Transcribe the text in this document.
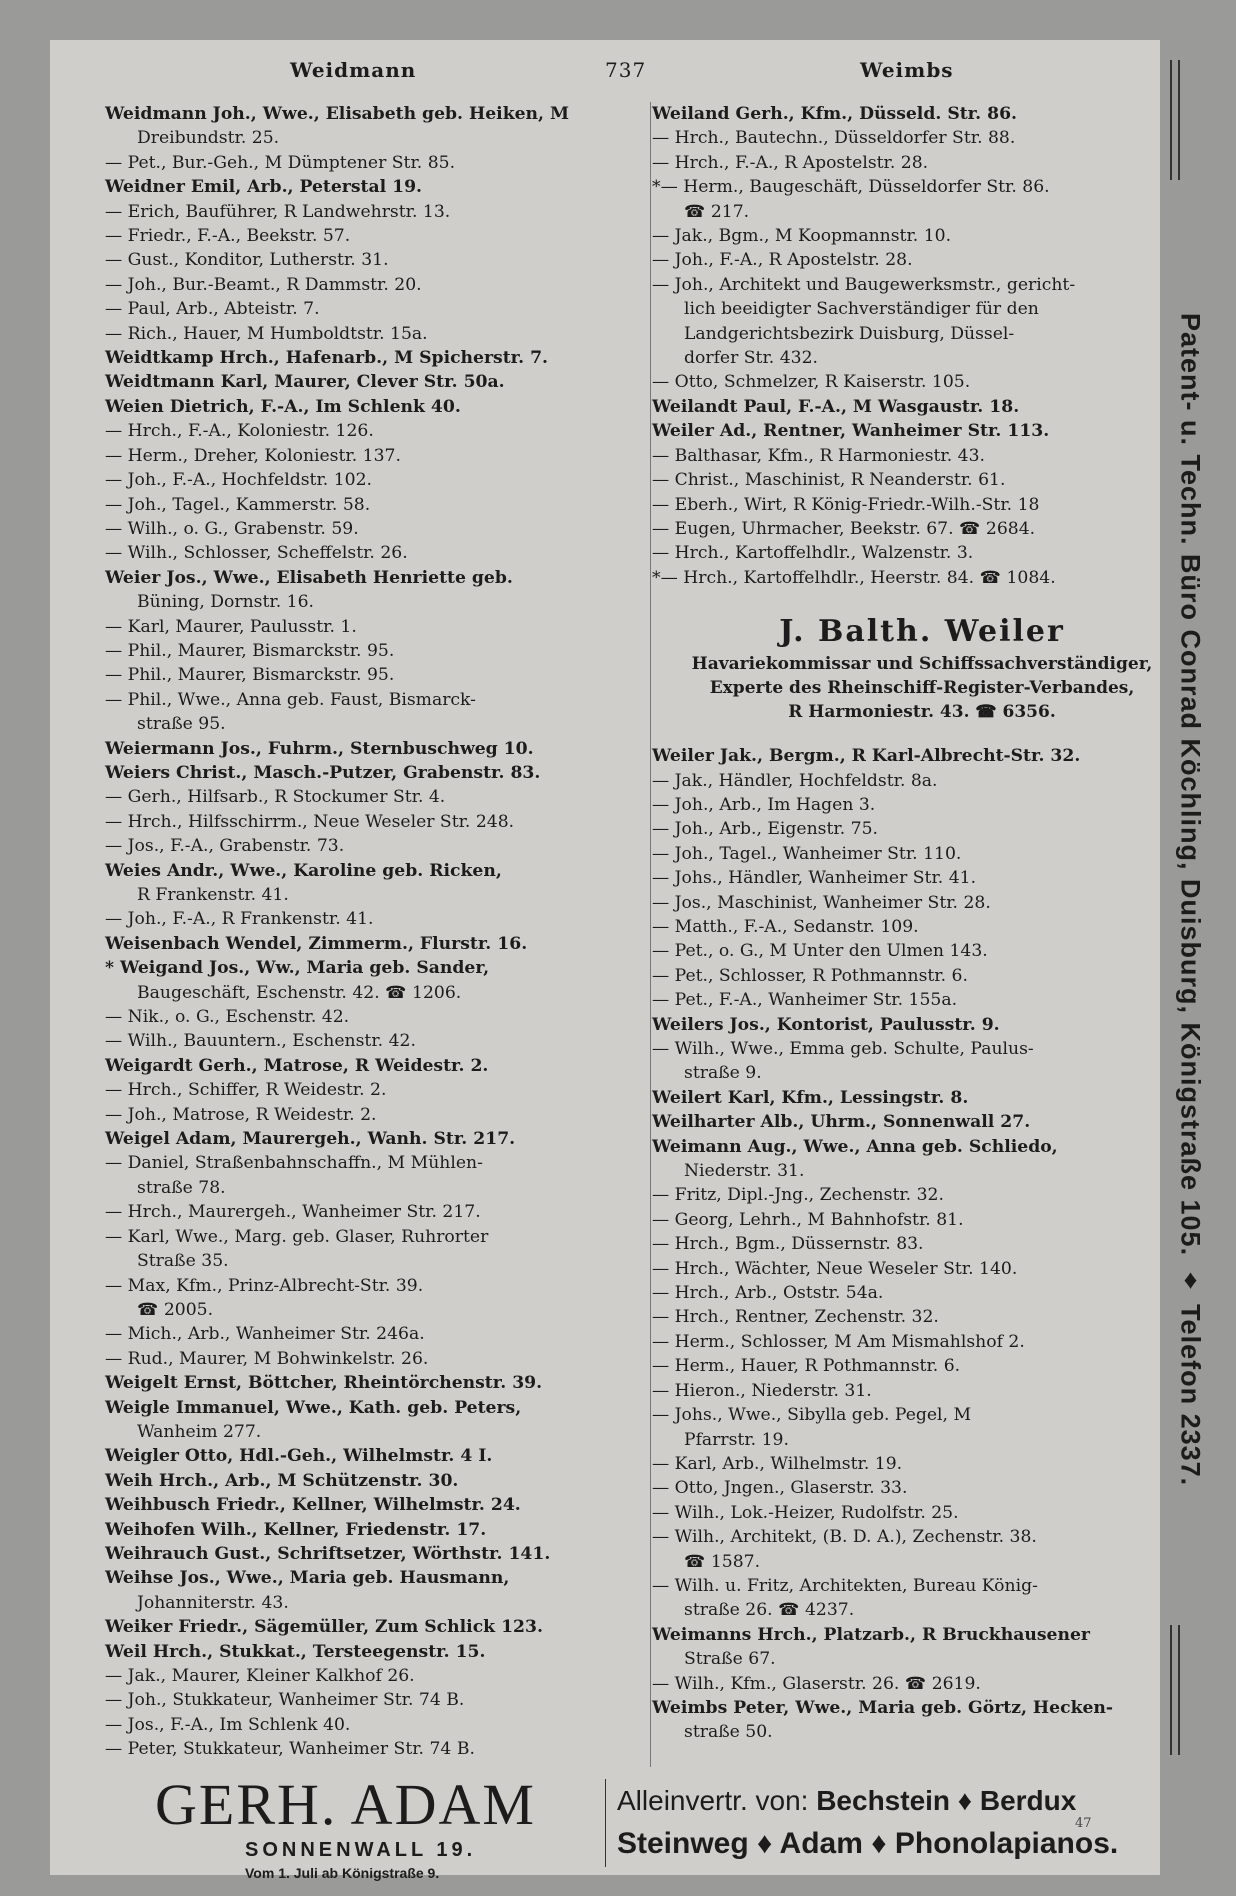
Weidmann	737	Weimbs
Weidmann Joh., Wwe., Elisabeth geb. Heiken, M
Dreibundstr. 25.
— Pet., Bur.-Geh., M Dümptener Str. 85.
Weidner Emil, Arb., Peterstal 19.
— Erich, Bauführer, R Landwehrstr. 13.
— Friedr., F.-A., Beekstr. 57.
— Gust., Konditor, Lutherstr. 31.
— Joh., Bur.-Beamt., R Dammstr. 20.
— Paul, Arb., Abteistr. 7.
— Rich., Hauer, M Humboldtstr. 15a.
Weidtkamp Hrch., Hafenarb., M Spicherstr. 7.
Weidtmann Karl, Maurer, Clever Str. 50a.
Weien Dietrich, F.-A., Im Schlenk 40.
— Hrch., F.-A., Koloniestr. 126.
— Herm., Dreher, Koloniestr. 137.
— Joh., F.-A., Hochfeldstr. 102.
— Joh., Tagel., Kammerstr. 58.
— Wilh., o. G., Grabenstr. 59.
— Wilh., Schlosser, Scheffelstr. 26.
Weier Jos., Wwe., Elisabeth Henriette geb.
Büning, Dornstr. 16.
— Karl, Maurer, Paulusstr. 1.
— Phil., Maurer, Bismarckstr. 95.
— Phil., Maurer, Bismarckstr. 95.
— Phil., Wwe., Anna geb. Faust, Bismarck-
straße 95.
Weiermann Jos., Fuhrm., Sternbuschweg 10.
Weiers Christ., Masch.-Putzer, Grabenstr. 83.
— Gerh., Hilfsarb., R Stockumer Str. 4.
— Hrch., Hilfsschirrm., Neue Weseler Str. 248.
— Jos., F.-A., Grabenstr. 73.
Weies Andr., Wwe., Karoline geb. Ricken,
R Frankenstr. 41.
— Joh., F.-A., R Frankenstr. 41.
Weisenbach Wendel, Zimmerm., Flurstr. 16.
* Weigand Jos., Ww., Maria geb. Sander,
Baugeschäft, Eschenstr. 42. ☎ 1206.
— Nik., o. G., Eschenstr. 42.
— Wilh., Bauuntern., Eschenstr. 42.
Weigardt Gerh., Matrose, R Weidestr. 2.
— Hrch., Schiffer, R Weidestr. 2.
— Joh., Matrose, R Weidestr. 2.
Weigel Adam, Maurergeh., Wanh. Str. 217.
— Daniel, Straßenbahnschaffn., M Mühlen-
straße 78.
— Hrch., Maurergeh., Wanheimer Str. 217.
— Karl, Wwe., Marg. geb. Glaser, Ruhrorter
Straße 35.
— Max, Kfm., Prinz-Albrecht-Str. 39.
☎ 2005.
— Mich., Arb., Wanheimer Str. 246a.
— Rud., Maurer, M Bohwinkelstr. 26.
Weigelt Ernst, Böttcher, Rheintörchenstr. 39.
Weigle Immanuel, Wwe., Kath. geb. Peters,
Wanheim 277.
Weigler Otto, Hdl.-Geh., Wilhelmstr. 4 I.
Weih Hrch., Arb., M Schützenstr. 30.
Weihbusch Friedr., Kellner, Wilhelmstr. 24.
Weihofen Wilh., Kellner, Friedenstr. 17.
Weihrauch Gust., Schriftsetzer, Wörthstr. 141.
Weihse Jos., Wwe., Maria geb. Hausmann,
Johanniterstr. 43.
Weiker Friedr., Sägemüller, Zum Schlick 123.
Weil Hrch., Stukkat., Tersteegenstr. 15.
— Jak., Maurer, Kleiner Kalkhof 26.
— Joh., Stukkateur, Wanheimer Str. 74 B.
— Jos., F.-A., Im Schlenk 40.
— Peter, Stukkateur, Wanheimer Str. 74 B.
Weiland Gerh., Kfm., Düsseld. Str. 86.
— Hrch., Bautechn., Düsseldorfer Str. 88.
— Hrch., F.-A., R Apostelstr. 28.
*— Herm., Baugeschäft, Düsseldorfer Str. 86.
☎ 217.
— Jak., Bgm., M Koopmannstr. 10.
— Joh., F.-A., R Apostelstr. 28.
— Joh., Architekt und Baugewerksmstr., gericht-
lich beeidigter Sachverständiger für den
Landgerichtsbezirk Duisburg, Düssel-
dorfer Str. 432.
— Otto, Schmelzer, R Kaiserstr. 105.
Weilandt Paul, F.-A., M Wasgaustr. 18.
Weiler Ad., Rentner, Wanheimer Str. 113.
— Balthasar, Kfm., R Harmoniestr. 43.
— Christ., Maschinist, R Neanderstr. 61.
— Eberh., Wirt, R König-Friedr.-Wilh.-Str. 18
— Eugen, Uhrmacher, Beekstr. 67. ☎ 2684.
— Hrch., Kartoffelhdlr., Walzenstr. 3.
*— Hrch., Kartoffelhdlr., Heerstr. 84. ☎ 1084.
J. Balth. Weiler
Havariekommissar und Schiffssachverständiger,
Experte des Rheinschiff-Register-Verbandes,
R Harmoniestr. 43. ☎ 6356.
Weiler Jak., Bergm., R Karl-Albrecht-Str. 32.
— Jak., Händler, Hochfeldstr. 8a.
— Joh., Arb., Im Hagen 3.
— Joh., Arb., Eigenstr. 75.
— Joh., Tagel., Wanheimer Str. 110.
— Johs., Händler, Wanheimer Str. 41.
— Jos., Maschinist, Wanheimer Str. 28.
— Matth., F.-A., Sedanstr. 109.
— Pet., o. G., M Unter den Ulmen 143.
— Pet., Schlosser, R Pothmannstr. 6.
— Pet., F.-A., Wanheimer Str. 155a.
Weilers Jos., Kontorist, Paulusstr. 9.
— Wilh., Wwe., Emma geb. Schulte, Paulus-
straße 9.
Weilert Karl, Kfm., Lessingstr. 8.
Weilharter Alb., Uhrm., Sonnenwall 27.
Weimann Aug., Wwe., Anna geb. Schliedo,
Niederstr. 31.
— Fritz, Dipl.-Jng., Zechenstr. 32.
— Georg, Lehrh., M Bahnhofstr. 81.
— Hrch., Bgm., Düssernstr. 83.
— Hrch., Wächter, Neue Weseler Str. 140.
— Hrch., Arb., Oststr. 54a.
— Hrch., Rentner, Zechenstr. 32.
— Herm., Schlosser, M Am Mismahlshof 2.
— Herm., Hauer, R Pothmannstr. 6.
— Hieron., Niederstr. 31.
— Johs., Wwe., Sibylla geb. Pegel, M
Pfarrstr. 19.
— Karl, Arb., Wilhelmstr. 19.
— Otto, Jngen., Glaserstr. 33.
— Wilh., Lok.-Heizer, Rudolfstr. 25.
— Wilh., Architekt, (B. D. A.), Zechenstr. 38.
☎ 1587.
— Wilh. u. Fritz, Architekten, Bureau König-
straße 26. ☎ 4237.
Weimanns Hrch., Platzarb., R Bruckhausener
Straße 67.
— Wilh., Kfm., Glaserstr. 26. ☎ 2619.
Weimbs Peter, Wwe., Maria geb. Görtz, Hecken-
straße 50.
Patent- u. Techn. Büro Conrad Köchling, Duisburg, Königstraße 105. ♦ Telefon 2337.
GERH. ADAM
SONNENWALL 19.
Vom 1. Juli ab Königstraße 9.
Alleinvertr. von: Bechstein ♦ Berdux
Steinweg ♦ Adam ♦ Phonolapianos.
47
